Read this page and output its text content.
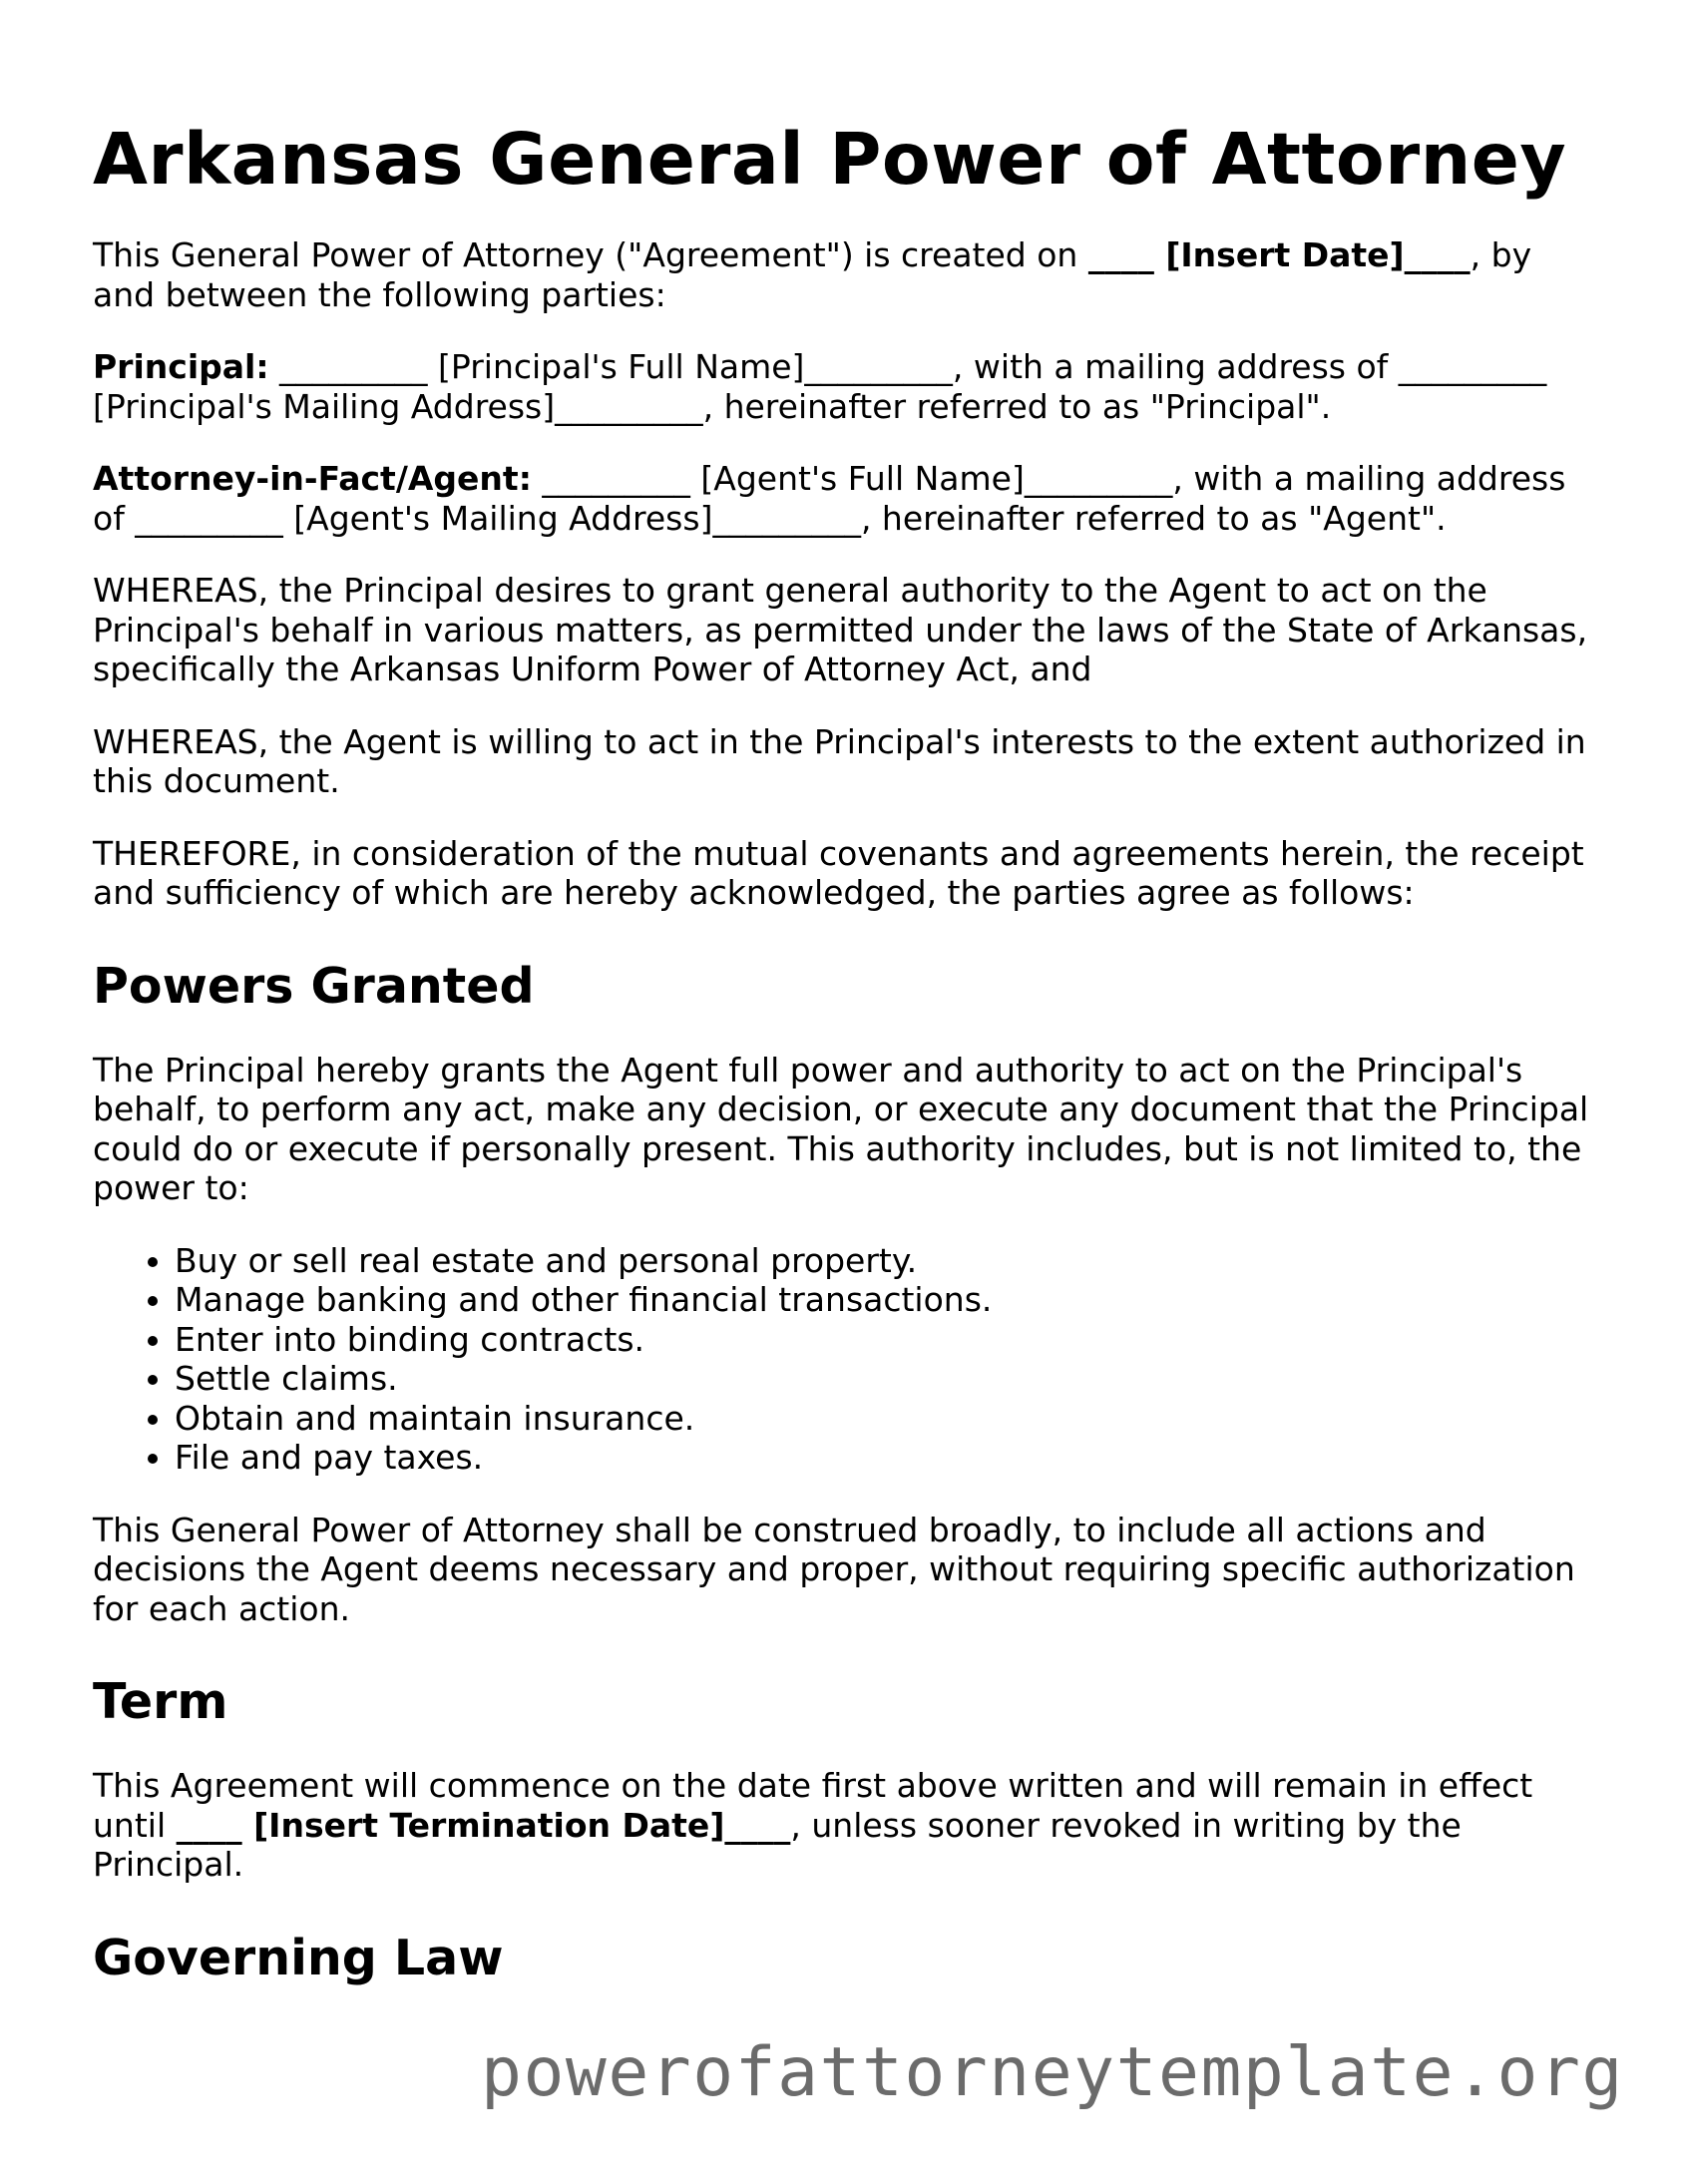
Arkansas General Power of Attorney

This General Power of Attorney ("Agreement") is created on ____ [Insert Date]____, by and between the following parties:

Principal: _________ [Principal's Full Name]_________, with a mailing address of _________ [Principal's Mailing Address]_________, hereinafter referred to as "Principal".

Attorney-in-Fact/Agent: _________ [Agent's Full Name]_________, with a mailing address of _________ [Agent's Mailing Address]_________, hereinafter referred to as "Agent".

WHEREAS, the Principal desires to grant general authority to the Agent to act on the Principal's behalf in various matters, as permitted under the laws of the State of Arkansas, specifically the Arkansas Uniform Power of Attorney Act, and

WHEREAS, the Agent is willing to act in the Principal's interests to the extent authorized in this document.

THEREFORE, in consideration of the mutual covenants and agreements herein, the receipt and sufficiency of which are hereby acknowledged, the parties agree as follows:

Powers Granted

The Principal hereby grants the Agent full power and authority to act on the Principal's behalf, to perform any act, make any decision, or execute any document that the Principal could do or execute if personally present. This authority includes, but is not limited to, the power to:

• Buy or sell real estate and personal property.
• Manage banking and other financial transactions.
• Enter into binding contracts.
• Settle claims.
• Obtain and maintain insurance.
• File and pay taxes.

This General Power of Attorney shall be construed broadly, to include all actions and decisions the Agent deems necessary and proper, without requiring specific authorization for each action.

Term

This Agreement will commence on the date first above written and will remain in effect until ____ [Insert Termination Date]____, unless sooner revoked in writing by the Principal.

Governing Law
powerofattorneytemplate.org
